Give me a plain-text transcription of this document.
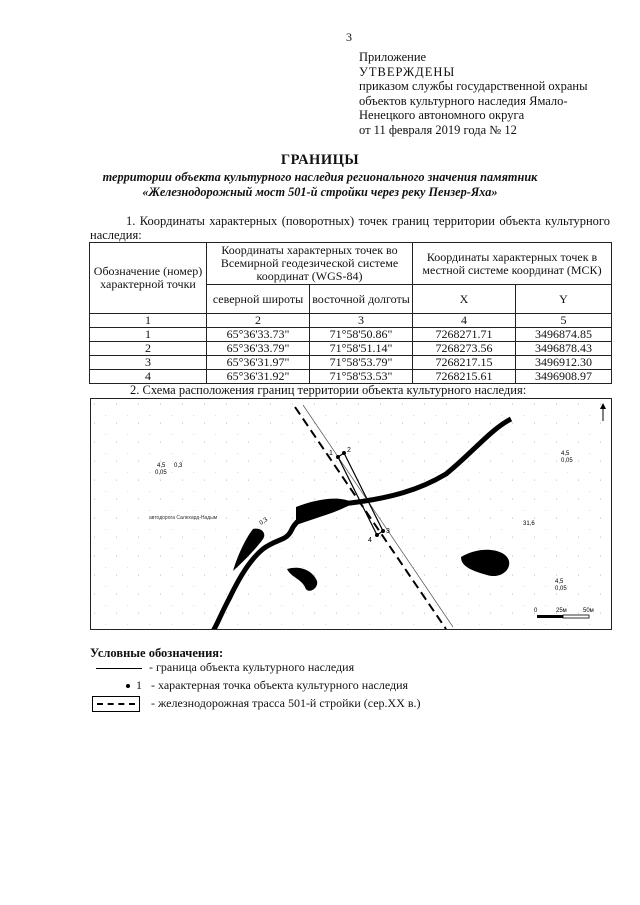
3
Приложение
УТВЕРЖДЕНЫ
приказом службы государственной охраны
объектов культурного наследия Ямало-
Ненецкого автономного округа
от 11 февраля 2019 года № 12
ГРАНИЦЫ
территории объекта культурного наследия регионального значения памятник
«Железнодорожный мост 501-й стройки через реку Пензер-Яха»
1. Координаты характерных (поворотных) точек границ территории объекта культурного наследия:
Обозначение (номер) характерной точки	Координаты характерных точек во Всемирной геодезической системе координат (WGS-84)		Координаты характерных точек в местной системе координат (МСК)	
	северной широты	восточной долготы	X	Y
1	2	3	4	5
1	65°36'33.73"	71°58'50.86"	7268271.71	3496874.85
2	65°36'33.79"	71°58'51.14"	7268273.56	3496878.43
3	65°36'31.97"	71°58'53.79"	7268217.15	3496912.30
4	65°36'31.92"	71°58'53.53"	7268215.61	3496908.97
2. Схема расположения границ территории объекта культурного наследия:
1 2
3
4
4,5
0,05
0,3
4,5
0,05
4,5
0,05
31,6
0,3
автодорога Салехард-Надым
0	25м	50м
Условные обозначения:
- граница объекта культурного наследия
1 - характерная точка объекта культурного наследия
- железнодорожная трасса 501-й стройки (сер.XX в.)
